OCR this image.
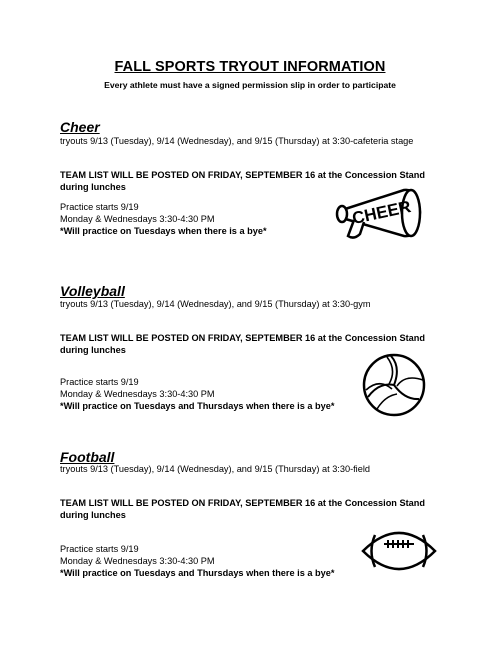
FALL SPORTS TRYOUT INFORMATION
Every athlete must have a signed permission slip in order to participate
Cheer
tryouts 9/13 (Tuesday), 9/14 (Wednesday), and 9/15 (Thursday) at 3:30-cafeteria stage
TEAM LIST WILL BE POSTED ON FRIDAY, SEPTEMBER 16 at the Concession Stand during lunches
Practice starts 9/19
Monday & Wednesdays 3:30-4:30 PM
*Will practice on Tuesdays when there is a bye*
CHEER
Volleyball
tryouts 9/13 (Tuesday), 9/14 (Wednesday), and 9/15 (Thursday) at 3:30-gym
TEAM LIST WILL BE POSTED ON FRIDAY, SEPTEMBER 16 at the Concession Stand during lunches
Practice starts 9/19
Monday & Wednesdays 3:30-4:30 PM
*Will practice on Tuesdays and Thursdays when there is a bye*
Football
tryouts 9/13 (Tuesday), 9/14 (Wednesday), and 9/15 (Thursday) at 3:30-field
TEAM LIST WILL BE POSTED ON FRIDAY, SEPTEMBER 16 at the Concession Stand during lunches
Practice starts 9/19
Monday & Wednesdays 3:30-4:30 PM
*Will practice on Tuesdays and Thursdays when there is a bye*
